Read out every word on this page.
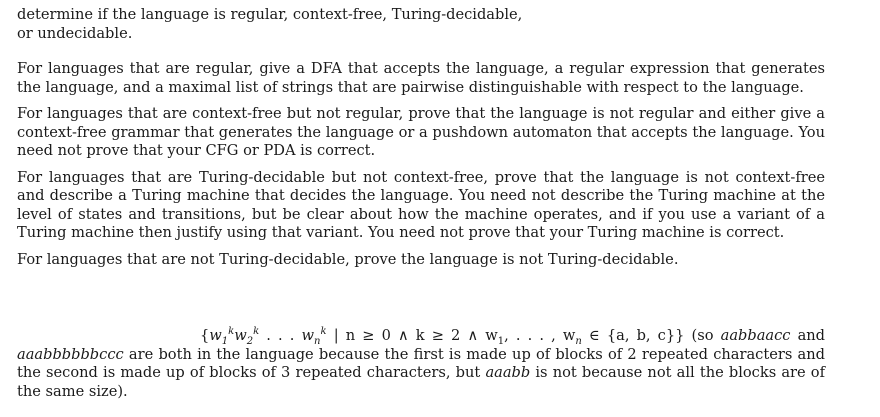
determine if the language is regular, context-free, Turing-decidable,
or undecidable.

For languages that are regular, give a DFA that accepts the language, a regular expression that generates the language, and a maximal list of strings that are pairwise distinguishable with respect to the language.

For languages that are context-free but not regular, prove that the language is not regular and either give a context-free grammar that generates the language or a pushdown automaton that accepts the language. You need not prove that your CFG or PDA is correct.

For languages that are Turing-decidable but not context-free, prove that the language is not context-free and describe a Turing machine that decides the language. You need not describe the Turing machine at the level of states and transitions, but be clear about how the machine operates, and if you use a variant of a Turing machine then justify using that variant. You need not prove that your Turing machine is correct.

For languages that are not Turing-decidable, prove the language is not Turing-decidable.

{$w_1^kw_2^k$ . . . $w_n^k$ | n ≥ 0 ∧ k ≥ 2 ∧ $w_1$, . . . , $w_n$ ∈ {a, b, c}} (so aabbaacc and aaabbbbbbccc are both in the language because the first is made up of blocks of 2 repeated characters and the second is made up of blocks of 3 repeated characters, but aaabb is not because not all the blocks are of the same size).
